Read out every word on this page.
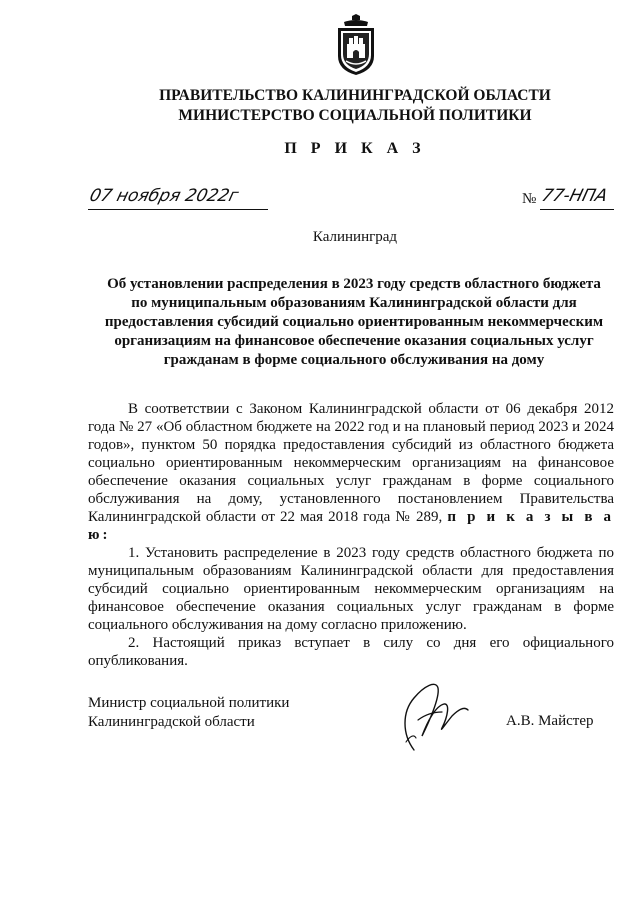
ПРАВИТЕЛЬСТВО КАЛИНИНГРАДСКОЙ ОБЛАСТИ
МИНИСТЕРСТВО СОЦИАЛЬНОЙ ПОЛИТИКИ
П Р И К А З
07 ноября 2022г	№ 77-НПА
Калининград
Об установлении распределения в 2023 году средств областного бюджета
по муниципальным образованиям Калининградской области для
предоставления субсидий социально ориентированным некоммерческим
организациям на финансовое обеспечение оказания социальных услуг
гражданам в форме социального обслуживания на дому

В соответствии с Законом Калининградской области от 06 декабря 2012 года № 27 «Об областном бюджете на 2022 год и на плановый период 2023 и 2024 годов», пунктом 50 порядка предоставления субсидий из областного бюджета социально ориентированным некоммерческим организациям на финансовое обеспечение оказания социальных услуг гражданам в форме социального обслуживания на дому, установленного постановлением Правительства Калининградской области от 22 мая 2018 года № 289, п р и к а з ы в а ю:

1. Установить распределение в 2023 году средств областного бюджета по муниципальным образованиям Калининградской области для предоставления субсидий социально ориентированным некоммерческим организациям на финансовое обеспечение оказания социальных услуг гражданам в форме социального обслуживания на дому согласно приложению.

2. Настоящий приказ вступает в силу со дня его официального опубликования.

Министр социальной политики
Калининградской области	А.В. Майстер
